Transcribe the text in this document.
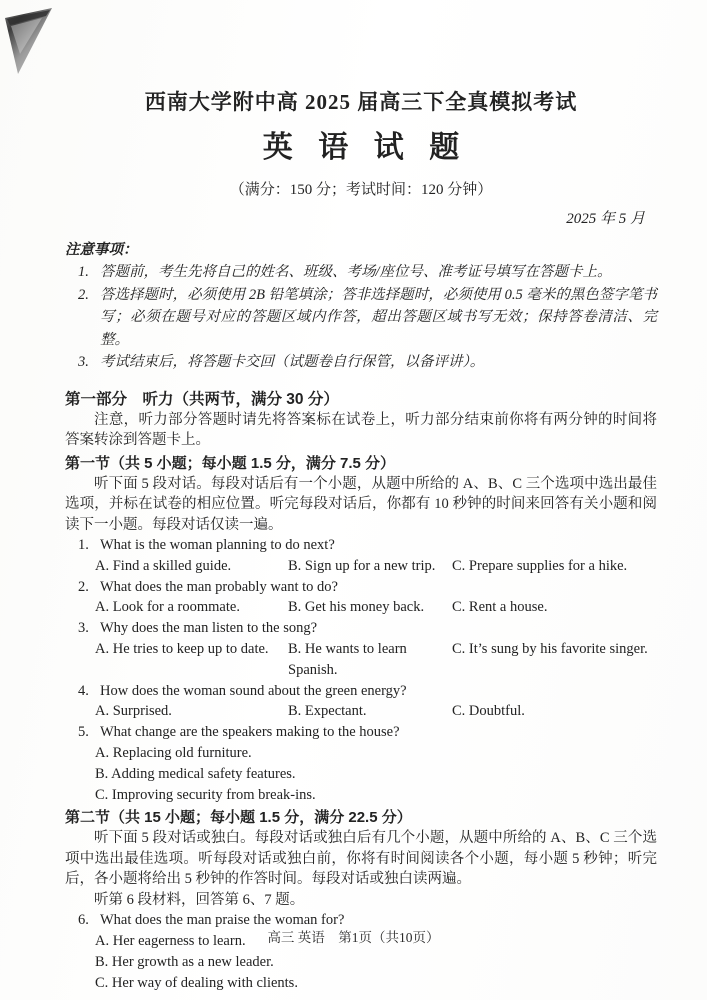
西南大学附中高 2025 届高三下全真模拟考试
英 语 试 题
（满分：150 分；考试时间：120 分钟）
2025 年 5 月
注意事项：
1. 答题前，考生先将自己的姓名、班级、考场/座位号、准考证号填写在答题卡上。
2. 答选择题时，必须使用 2B 铅笔填涂；答非选择题时，必须使用 0.5 毫米的黑色签字笔书写；必须在题号对应的答题区域内作答，超出答题区域书写无效；保持答卷清洁、完整。
3. 考试结束后，将答题卡交回（试题卷自行保管，以备评讲）。
第一部分　听力（共两节，满分 30 分）

注意，听力部分答题时请先将答案标在试卷上，听力部分结束前你将有两分钟的时间将答案转涂到答题卡上。

第一节（共 5 小题；每小题 1.5 分，满分 7.5 分）

听下面 5 段对话。每段对话后有一个小题，从题中所给的 A、B、C 三个选项中选出最佳选项，并标在试卷的相应位置。听完每段对话后，你都有 10 秒钟的时间来回答有关小题和阅读下一小题。每段对话仅读一遍。

1. What is the woman planning to do next?
A. Find a skilled guide.	B. Sign up for a new trip.	C. Prepare supplies for a hike.
2. What does the man probably want to do?
A. Look for a roommate.	B. Get his money back.	C. Rent a house.
3. Why does the man listen to the song?
A. He tries to keep up to date.	B. He wants to learn Spanish.
C. It’s sung by his favorite singer.
4. How does the woman sound about the green energy?
A. Surprised.	B. Expectant.	C. Doubtful.
5. What change are the speakers making to the house?
A. Replacing old furniture.
B. Adding medical safety features.
C. Improving security from break-ins.
第二节（共 15 小题；每小题 1.5 分，满分 22.5 分）

听下面 5 段对话或独白。每段对话或独白后有几个小题，从题中所给的 A、B、C 三个选项中选出最佳选项。听每段对话或独白前，你将有时间阅读各个小题，每小题 5 秒钟；听完后，各小题将给出 5 秒钟的作答时间。每段对话或独白读两遍。

听第 6 段材料，回答第 6、7 题。

6. What does the man praise the woman for?
A. Her eagerness to learn.
B. Her growth as a new leader.
C. Her way of dealing with clients.
高三 英语　第1页（共10页）
